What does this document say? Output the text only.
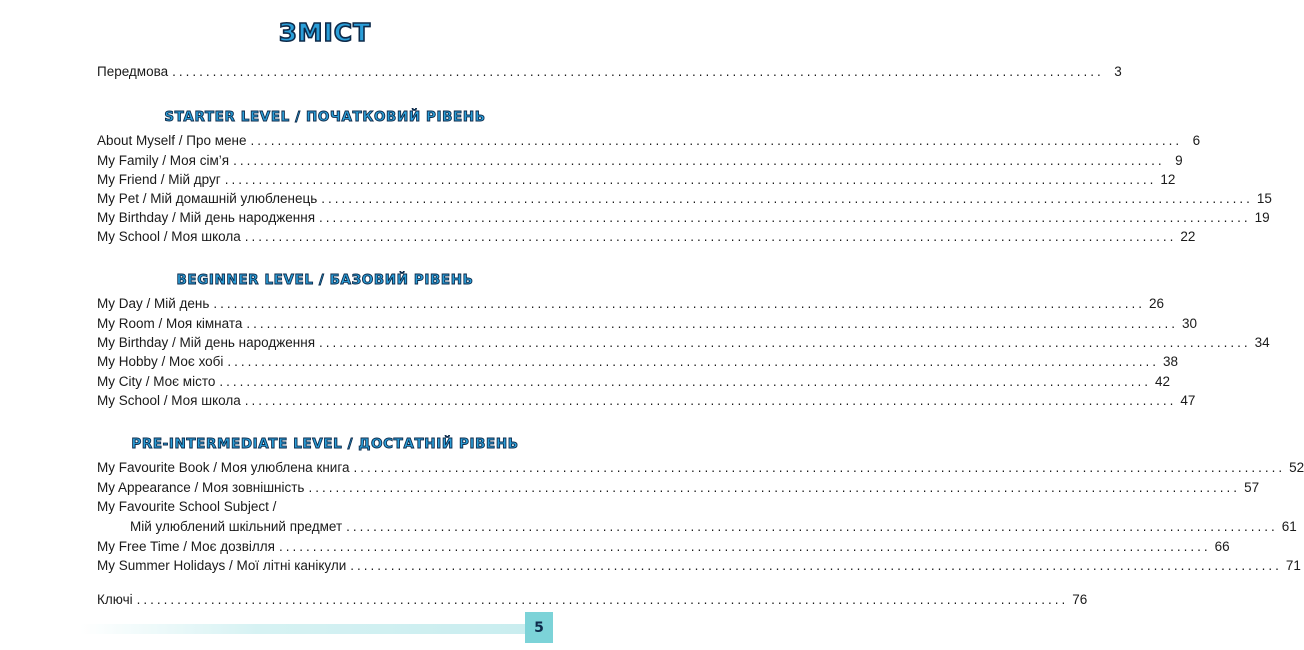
ЗМІСТ
Передмова .......................................................................................................................................... 3
STARTER LEVEL / ПОЧАТКОВИЙ РІВЕНЬ
About Myself / Про мене .......................................................................................................................................... 6
My Family / Моя сім’я .......................................................................................................................................... 9
My Friend / Мій друг .......................................................................................................................................... 12
My Pet / Мій домашній улюбленець .......................................................................................................................................... 15
My Birthday / Мій день народження .......................................................................................................................................... 19
My School / Моя школа .......................................................................................................................................... 22
BEGINNER LEVEL / БАЗОВИЙ РІВЕНЬ
My Day / Мій день .......................................................................................................................................... 26
My Room / Моя кімната .......................................................................................................................................... 30
My Birthday / Мій день народження .......................................................................................................................................... 34
My Hobby / Моє хобі .......................................................................................................................................... 38
My City / Моє місто .......................................................................................................................................... 42
My School / Моя школа .......................................................................................................................................... 47
PRE-INTERMEDIATE LEVEL / ДОСТАТНІЙ РІВЕНЬ
My Favourite Book / Моя улюблена книга .......................................................................................................................................... 52
My Appearance / Моя зовнішність .......................................................................................................................................... 57
My Favourite School Subject /
Мій улюблений шкільний предмет .......................................................................................................................................... 61
My Free Time / Моє дозвілля .......................................................................................................................................... 66
My Summer Holidays / Мої літні канікули .......................................................................................................................................... 71
Ключі .......................................................................................................................................... 76
5
